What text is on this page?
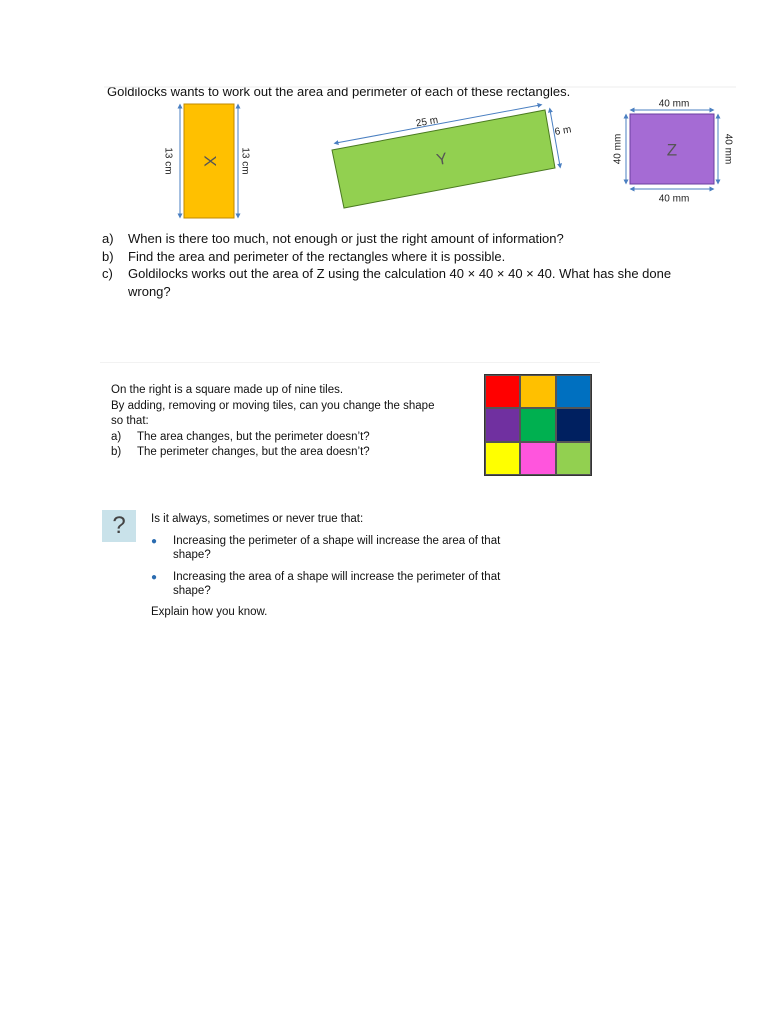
Goldilocks wants to work out the area and perimeter of each of these rectangles.
X
13 cm	13 cm	Y
25 m
6 m
Z
40 mm
40 mm
40 mm	40 mm
a)	When is there too much, not enough or just the right amount of information?
b)	Find the area and perimeter of the rectangles where it is possible.
c)	Goldilocks works out the area of Z using the calculation 40 × 40 × 40 × 40. What has she done wrong?
On the right is a square made up of nine tiles.
By adding, removing or moving tiles, can you change the shape so that:
a)	The area changes, but the perimeter doesn’t?
b)	The perimeter changes, but the area doesn’t?
?	Is it always, sometimes or never true that:
●	Increasing the perimeter of a shape will increase the area of that shape?
●	Increasing the area of a shape will increase the perimeter of that shape?
Explain how you know.
